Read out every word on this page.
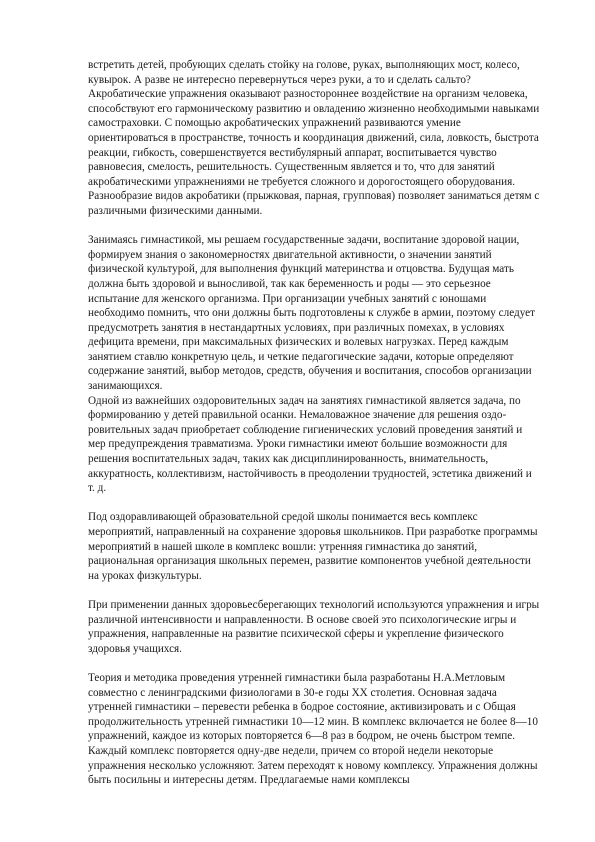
встретить детей, пробующих сделать стойку на голове, руках, выполняющих мост, колесо, кувырок. А разве не интересно перевернуться через руки, а то и сделать сальто? Акробатические упражнения оказывают разностороннее воздействие на организм человека, способствуют его гармоническому развитию и овладению жизненно необходимыми навыками самостраховки. С помощью акробатических упражнений развиваются умение ориентироваться в пространстве, точность и координация движений, сила, ловкость, быстрота реакции, гибкость, совершенствуется вестибулярный аппарат, воспитывается чувство равновесия, смелость, решительность. Существенным является и то, что для занятий акробатическими упражнениями не требуется сложного и дорогостоящего оборудования. Разнообразие видов акробатики (прыжковая, парная, групповая) позволяет заниматься детям с различными физическими данными.

Занимаясь гимнастикой, мы решаем государственные задачи, воспитание здоровой нации, формируем знания о закономерностях двигательной активности, о значении занятий физической культурой, для выполнения функций материнства и отцовства. Будущая мать должна быть здоровой и выносливой, так как беременность и роды — это серьезное испытание для женского организма. При организации учебных занятий с юношами необходимо помнить, что они должны быть подготовлены к службе в армии, поэтому следует предусмотреть занятия в нестандартных условиях, при различных помехах, в условиях дефицита времени, при максимальных физических и волевых нагрузках. Перед каждым занятием ставлю конкретную цель, и четкие педагогические задачи, которые определяют содержание занятий, выбор методов, средств, обучения и воспитания, способов организации занимающихся.

Одной из важнейших оздоровительных задач на занятиях гимнастикой является задача, по формированию у детей правильной осанки. Немаловажное значение для решения оздо-ровительных задач приобретает соблюдение гигиенических условий проведения занятий и мер предупреждения травматизма. Уроки гимнастики имеют большие возможности для решения воспитательных задач, таких как дисциплинированность, внимательность, аккуратность, коллективизм, настойчивость в преодолении трудностей, эстетика движений и т. д.

Под оздоравливающей образовательной средой школы понимается весь комплекс мероприятий, направленный на сохранение здоровья школьников. При разработке программы мероприятий в нашей школе в комплекс вошли: утренняя гимнастика до занятий, рациональная организация школьных перемен, развитие компонентов учебной деятельности на уроках физкультуры.

При применении данных здоровьесберегающих технологий используются упражнения и игры различной интенсивности и направленности. В основе своей это психологические игры и упражнения, направленные на развитие психической сферы и укрепление физического здоровья учащихся.

Теория и методика проведения утренней гимнастики была разработаны Н.А.Метловым совместно с ленинградскими физиологами в 30-е годы XX столетия. Основная задача утренней гимнастики – перевести ребенка в бодрое состояние, активизировать и с Общая продолжительность утренней гимнастики 10—12 мин. В комплекс включается не более 8—10 упражнений, каждое из которых повторяется 6—8 раз в бодром, не очень быстром темпе. Каждый комплекс повторяется одну-две недели, причем со второй недели некоторые упражнения несколько усложняют. Затем переходят к новому комплексу. Упражнения должны быть посильны и интересны детям. Предлагаемые нами комплексы
